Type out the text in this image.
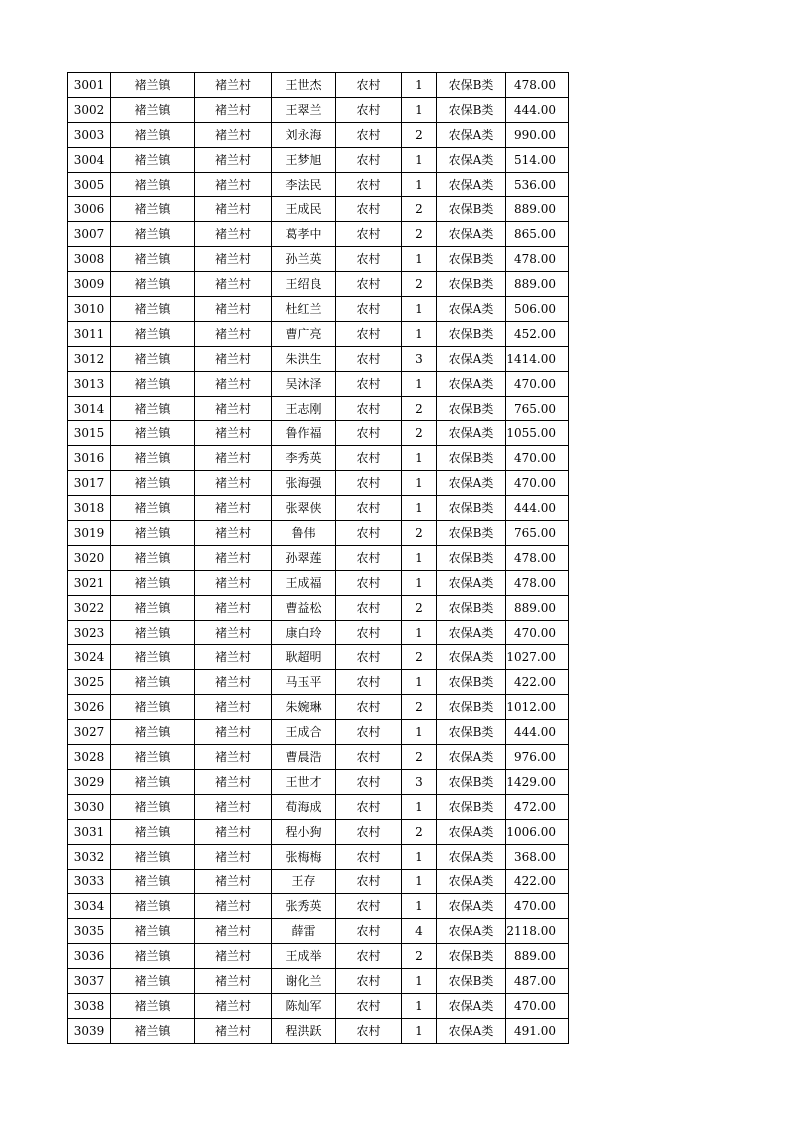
3001	褚兰镇	褚兰村	王世杰	农村	1	农保B类	478.00
3002	褚兰镇	褚兰村	王翠兰	农村	1	农保B类	444.00
3003	褚兰镇	褚兰村	刘永海	农村	2	农保A类	990.00
3004	褚兰镇	褚兰村	王梦旭	农村	1	农保A类	514.00
3005	褚兰镇	褚兰村	李法民	农村	1	农保A类	536.00
3006	褚兰镇	褚兰村	王成民	农村	2	农保B类	889.00
3007	褚兰镇	褚兰村	葛孝中	农村	2	农保A类	865.00
3008	褚兰镇	褚兰村	孙兰英	农村	1	农保B类	478.00
3009	褚兰镇	褚兰村	王绍良	农村	2	农保B类	889.00
3010	褚兰镇	褚兰村	杜红兰	农村	1	农保A类	506.00
3011	褚兰镇	褚兰村	曹广亮	农村	1	农保B类	452.00
3012	褚兰镇	褚兰村	朱洪生	农村	3	农保A类	1414.00
3013	褚兰镇	褚兰村	吴沐泽	农村	1	农保A类	470.00
3014	褚兰镇	褚兰村	王志刚	农村	2	农保B类	765.00
3015	褚兰镇	褚兰村	鲁作福	农村	2	农保A类	1055.00
3016	褚兰镇	褚兰村	李秀英	农村	1	农保B类	470.00
3017	褚兰镇	褚兰村	张海强	农村	1	农保A类	470.00
3018	褚兰镇	褚兰村	张翠侠	农村	1	农保B类	444.00
3019	褚兰镇	褚兰村	鲁伟	农村	2	农保B类	765.00
3020	褚兰镇	褚兰村	孙翠莲	农村	1	农保B类	478.00
3021	褚兰镇	褚兰村	王成福	农村	1	农保A类	478.00
3022	褚兰镇	褚兰村	曹益松	农村	2	农保B类	889.00
3023	褚兰镇	褚兰村	康白玲	农村	1	农保A类	470.00
3024	褚兰镇	褚兰村	耿超明	农村	2	农保A类	1027.00
3025	褚兰镇	褚兰村	马玉平	农村	1	农保B类	422.00
3026	褚兰镇	褚兰村	朱婉琳	农村	2	农保B类	1012.00
3027	褚兰镇	褚兰村	王成合	农村	1	农保B类	444.00
3028	褚兰镇	褚兰村	曹晨浩	农村	2	农保A类	976.00
3029	褚兰镇	褚兰村	王世才	农村	3	农保B类	1429.00
3030	褚兰镇	褚兰村	荀海成	农村	1	农保B类	472.00
3031	褚兰镇	褚兰村	程小狗	农村	2	农保A类	1006.00
3032	褚兰镇	褚兰村	张梅梅	农村	1	农保A类	368.00
3033	褚兰镇	褚兰村	王存	农村	1	农保A类	422.00
3034	褚兰镇	褚兰村	张秀英	农村	1	农保A类	470.00
3035	褚兰镇	褚兰村	薛雷	农村	4	农保A类	2118.00
3036	褚兰镇	褚兰村	王成举	农村	2	农保B类	889.00
3037	褚兰镇	褚兰村	谢化兰	农村	1	农保B类	487.00
3038	褚兰镇	褚兰村	陈灿军	农村	1	农保A类	470.00
3039	褚兰镇	褚兰村	程洪跃	农村	1	农保A类	491.00
